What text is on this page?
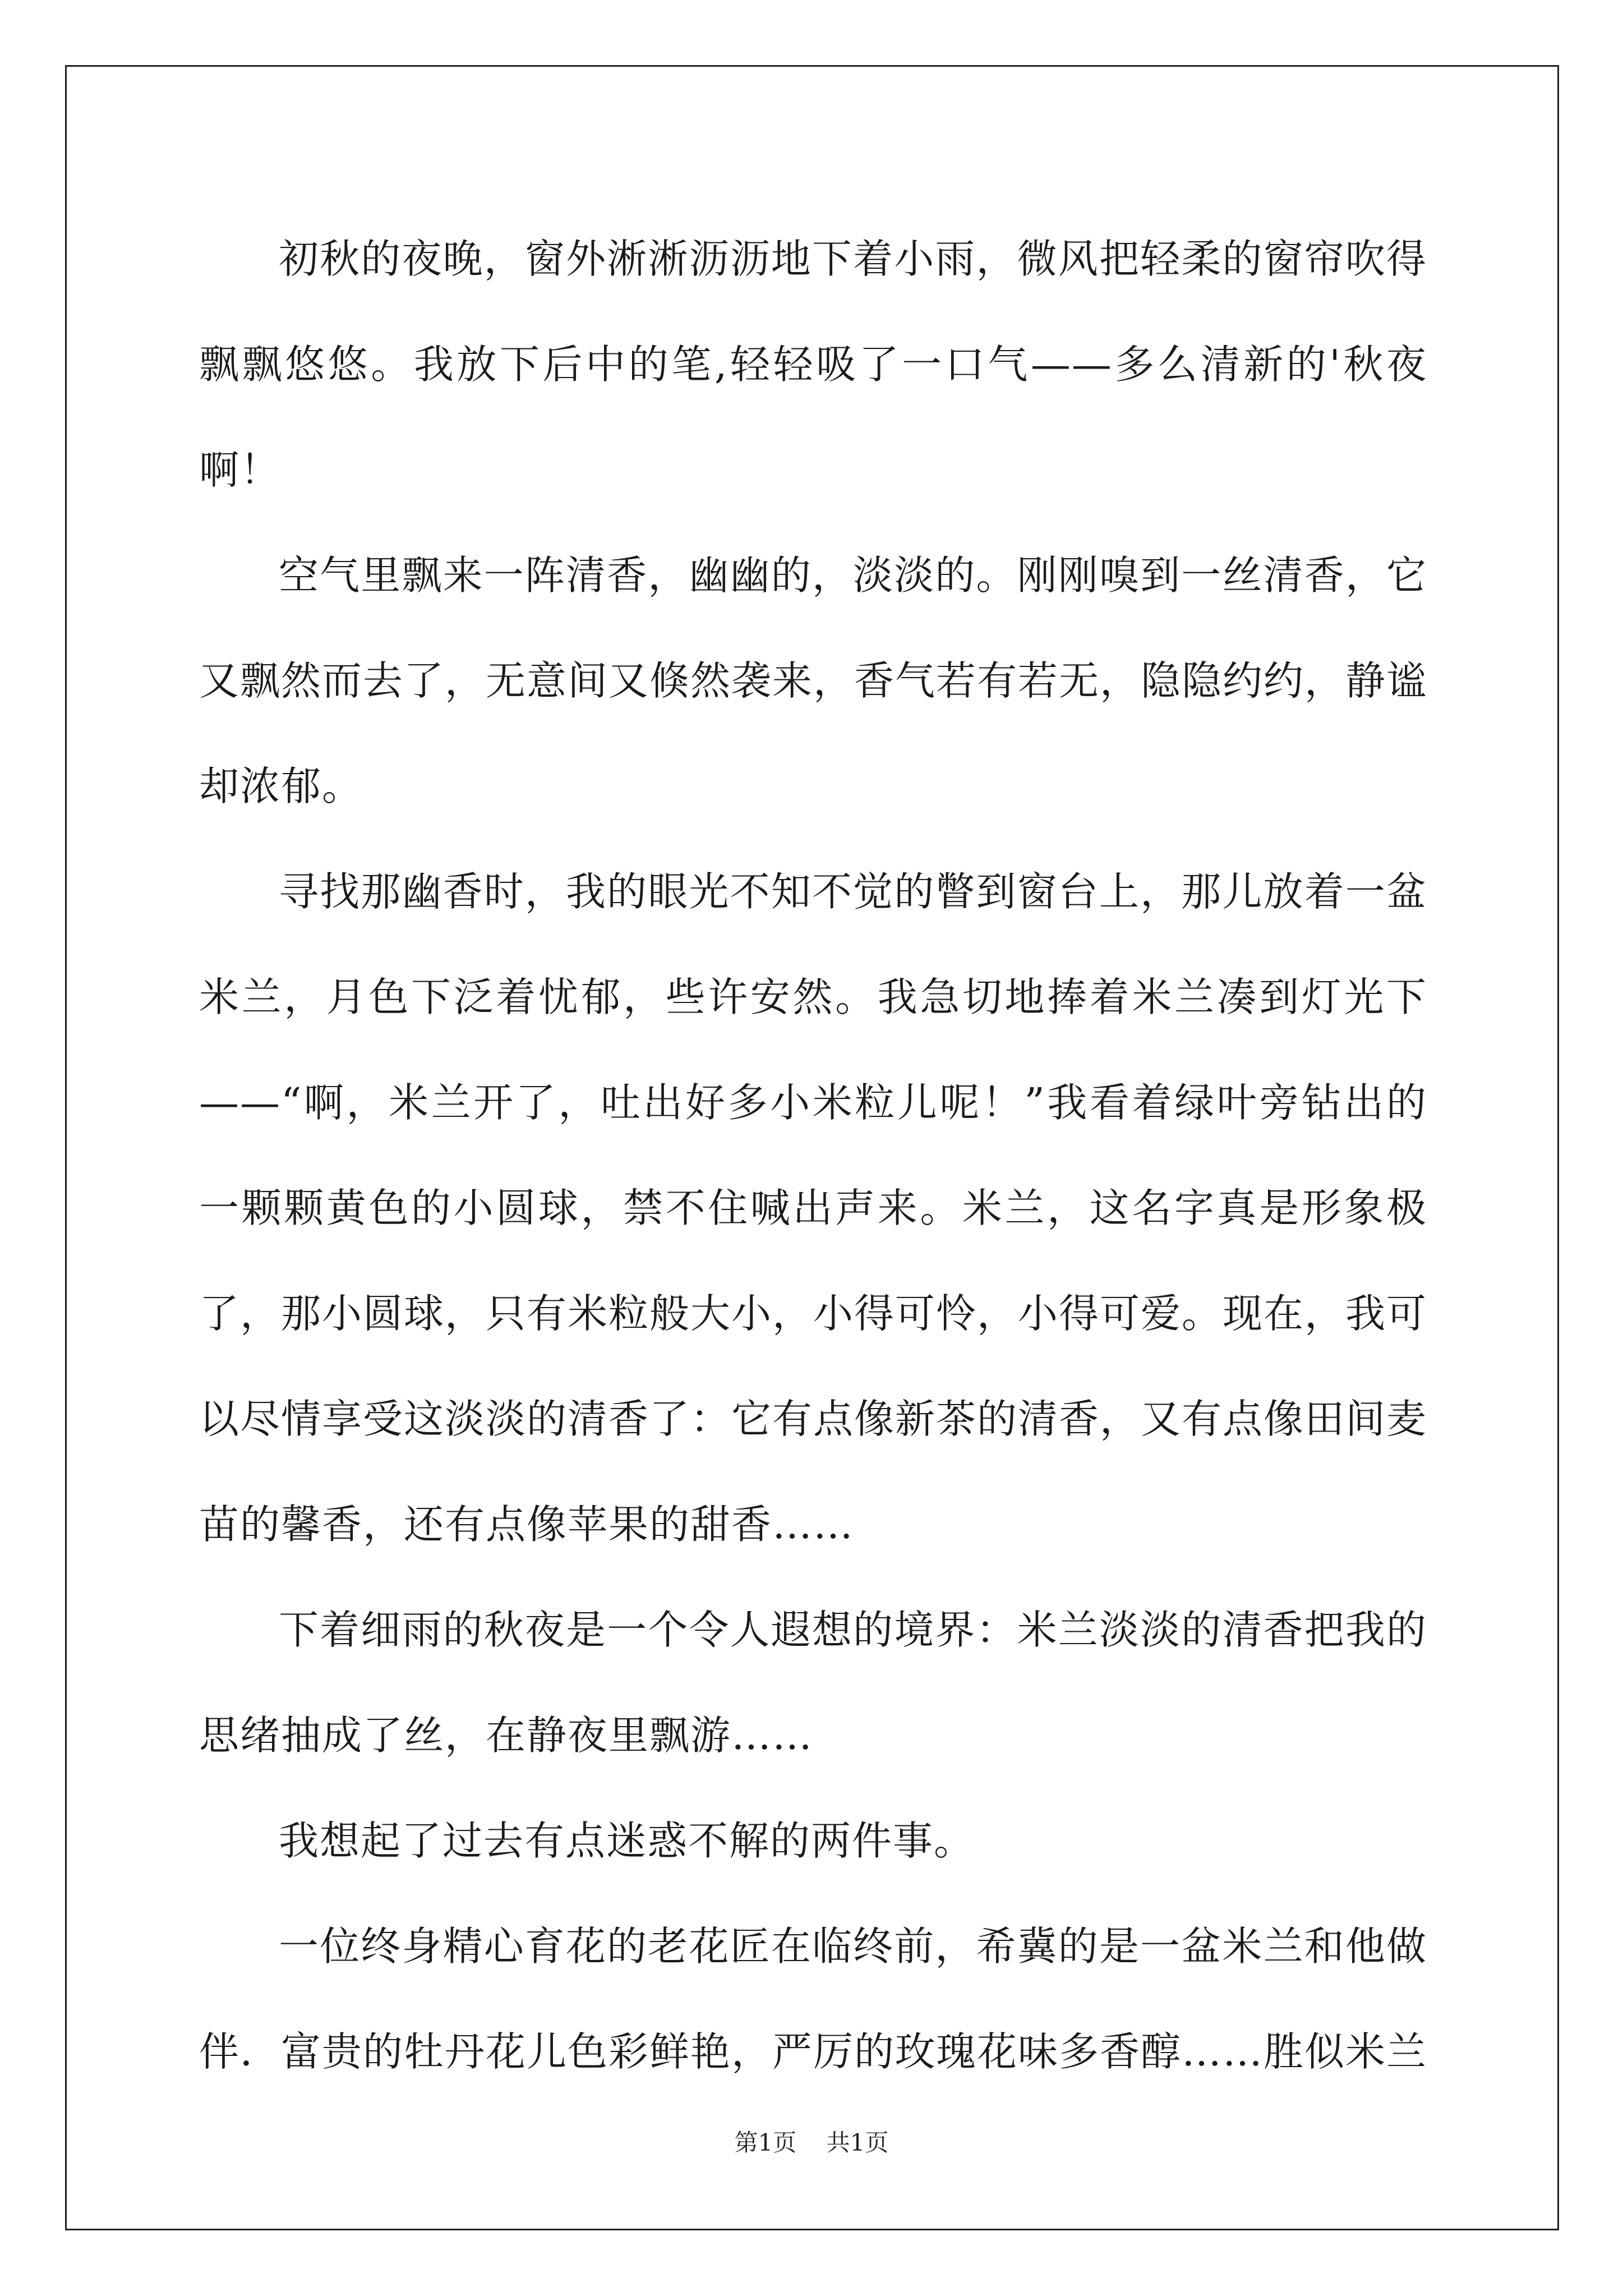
初秋的夜晚，窗外淅淅沥沥地下着小雨，微风把轻柔的窗帘吹得飘飘悠悠。我放下后中的笔,轻轻吸了一口气——多么清新的'秋夜啊！

空气里飘来一阵清香，幽幽的，淡淡的。刚刚嗅到一丝清香，它又飘然而去了，无意间又倏然袭来，香气若有若无，隐隐约约，静谧却浓郁。

寻找那幽香时，我的眼光不知不觉的瞥到窗台上，那儿放着一盆米兰，月色下泛着忧郁，些许安然。我急切地捧着米兰凑到灯光下——“啊，米兰开了，吐出好多小米粒儿呢！”我看着绿叶旁钻出的一颗颗黄色的小圆球，禁不住喊出声来。米兰，这名字真是形象极了，那小圆球，只有米粒般大小，小得可怜，小得可爱。现在，我可以尽情享受这淡淡的清香了：它有点像新茶的清香，又有点像田间麦苗的馨香，还有点像苹果的甜香……

下着细雨的秋夜是一个令人遐想的境界：米兰淡淡的清香把我的思绪抽成了丝，在静夜里飘游……

我想起了过去有点迷惑不解的两件事。

一位终身精心育花的老花匠在临终前，希冀的是一盆米兰和他做伴．富贵的牡丹花儿色彩鲜艳，严厉的玫瑰花味多香醇……胜似米兰

第1页 共1页
